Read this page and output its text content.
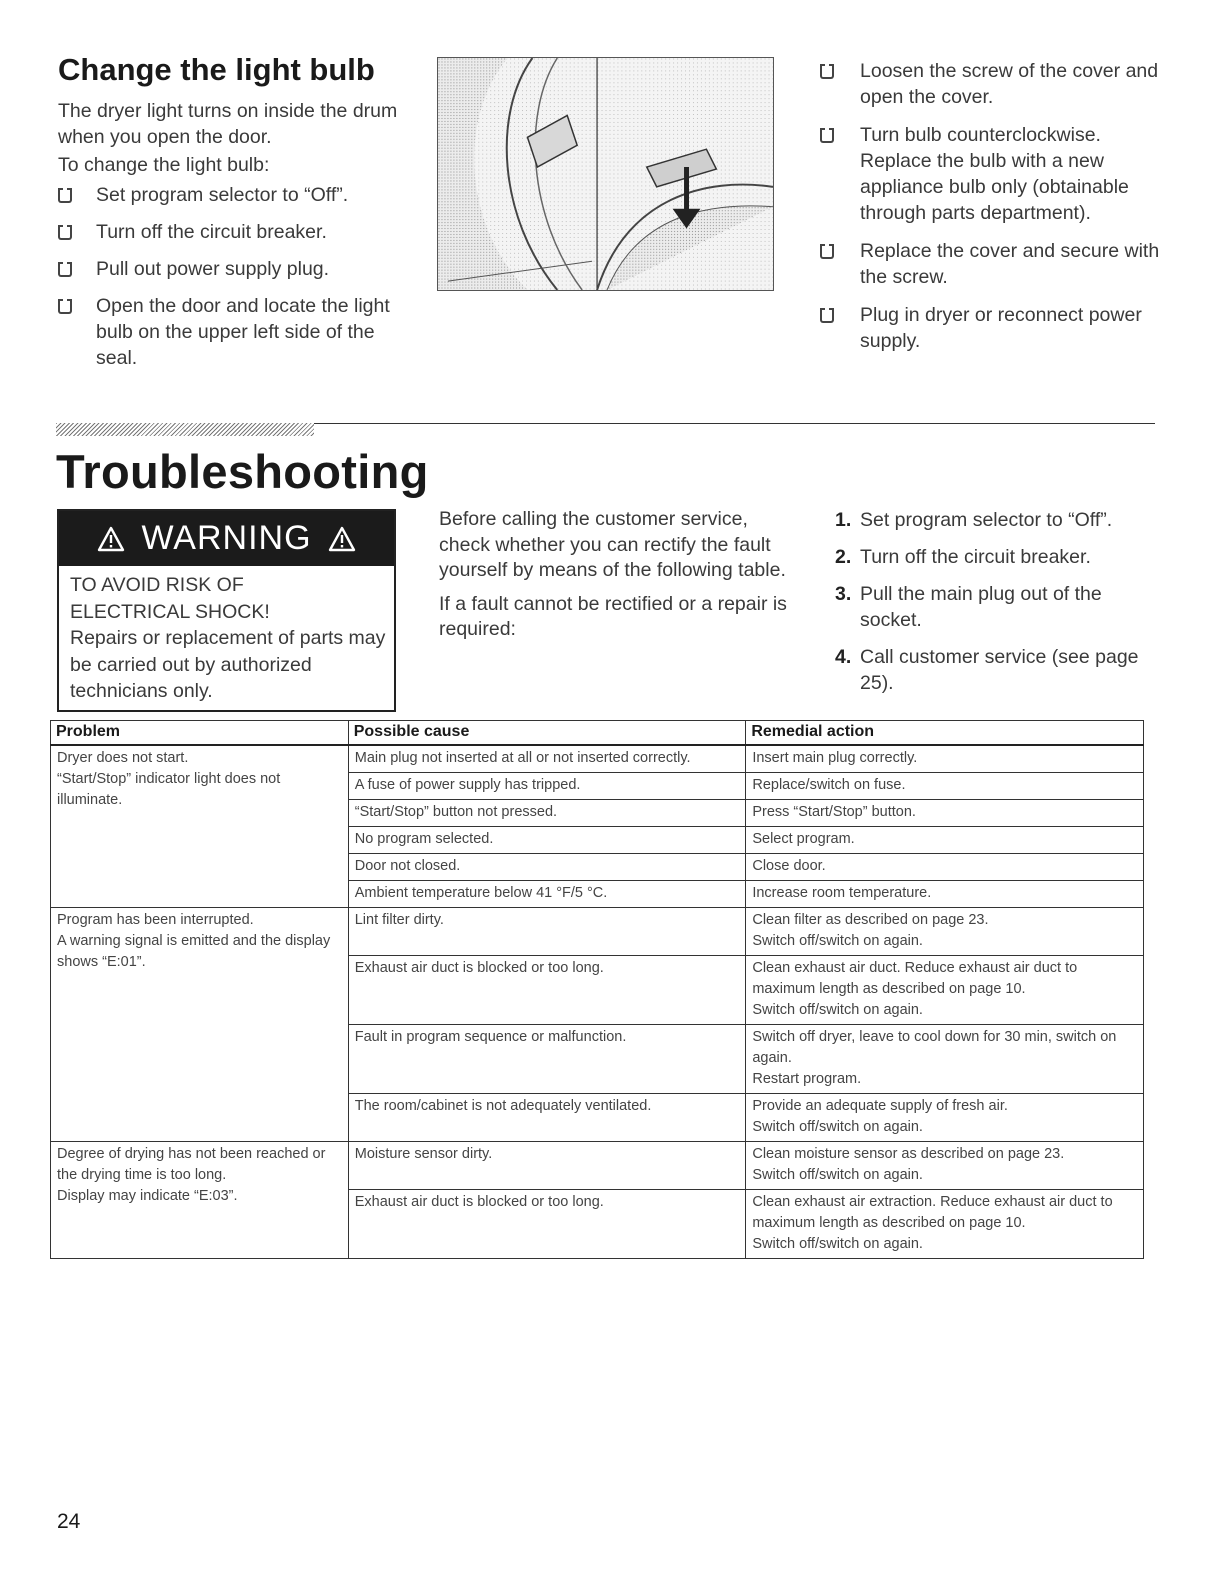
Change the light bulb

The dryer light turns on inside the drum when you open the door.

To change the light bulb:

Set program selector to “Off”.
Turn off the circuit breaker.
Pull out power supply plug.
Open the door and locate the light bulb on the upper left side of the seal.
Loosen the screw of the cover and open the cover.
Turn bulb counterclockwise. Replace the bulb with a new appliance bulb only (obtainable through parts department).
Replace the cover and secure with the screw.
Plug in dryer or reconnect power supply.
Troubleshooting
WARNING
TO AVOID RISK OF
ELECTRICAL SHOCK!
Repairs or replacement of parts may be carried out by authorized technicians only.

Before calling the customer service, check whether you can rectify the fault yourself by means of the following table.

If a fault cannot be rectified or a repair is required:

1. Set program selector to “Off”.
2. Turn off the circuit breaker.
3. Pull the main plug out of the socket.
4. Call customer service (see page 25).
Problem	Possible cause	Remedial action

Dryer does not start.
“Start/Stop” indicator light does not illuminate.	Main plug not inserted at all or not inserted correctly.	Insert main plug correctly.
	A fuse of power supply has tripped.	Replace/switch on fuse.
	“Start/Stop” button not pressed.	Press “Start/Stop” button.
	No program selected.	Select program.
	Door not closed.	Close door.
	Ambient temperature below 41 °F/5 °C.	Increase room temperature.

Program has been interrupted.
A warning signal is emitted and the display shows “E:01”.	Lint filter dirty.	Clean filter as described on page 23.
Switch off/switch on again.

	Exhaust air duct is blocked or too long.	Clean exhaust air duct. Reduce exhaust air duct to maximum length as described on page 10.
Switch off/switch on again.

	Fault in program sequence or malfunction.	Switch off dryer, leave to cool down for 30 min, switch on again.
Restart program.

	The room/cabinet is not adequately ventilated.	Provide an adequate supply of fresh air.
Switch off/switch on again.

Degree of drying has not been reached or the drying time is too long.
Display may indicate “E:03”.	Moisture sensor dirty.	Clean moisture sensor as described on page 23.
Switch off/switch on again.

	Exhaust air duct is blocked or too long.	Clean exhaust air extraction. Reduce exhaust air duct to maximum length as described on page 10.
Switch off/switch on again.
24
